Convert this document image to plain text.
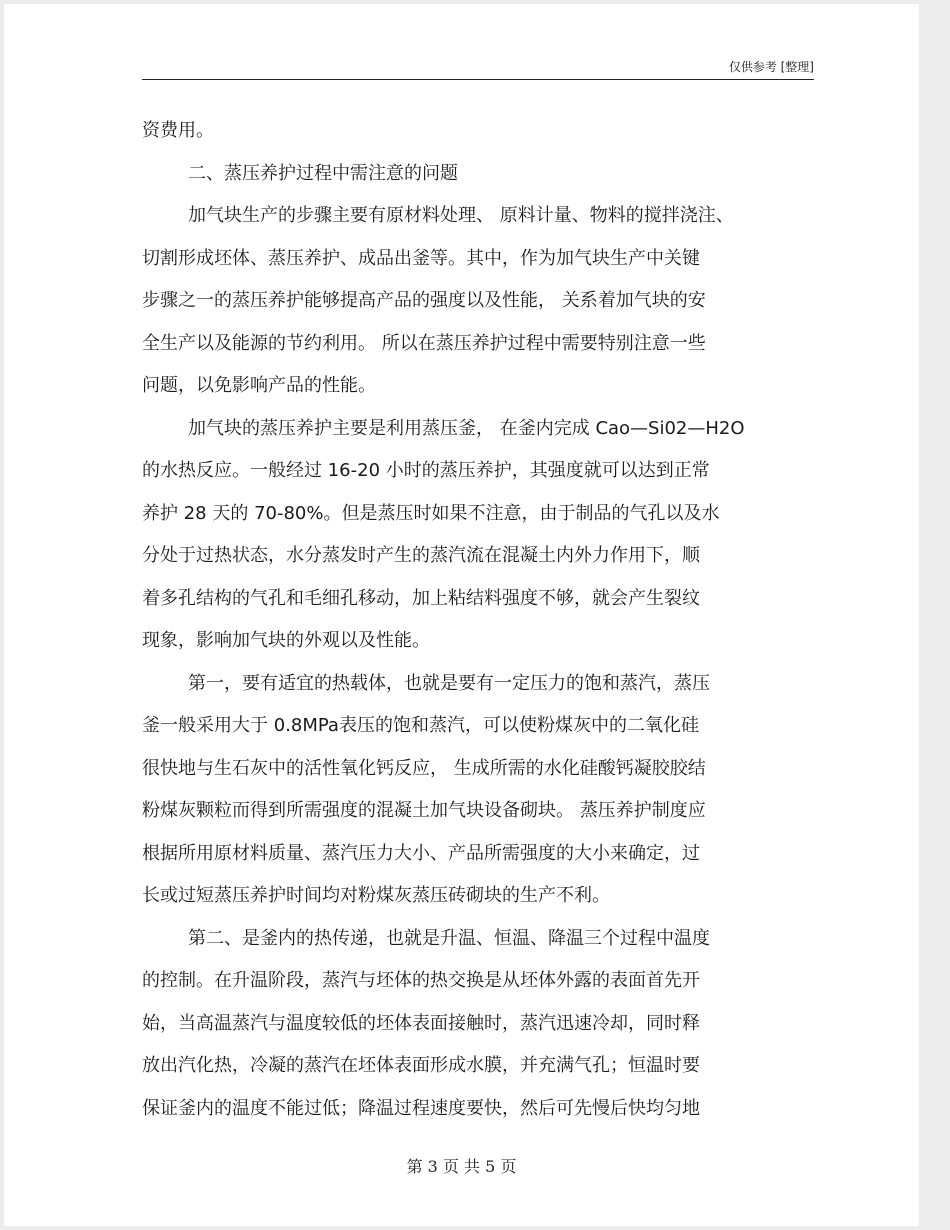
仅供参考 [整理]
资费用。
二、蒸压养护过程中需注意的问题
加气块生产的步骤主要有原材料处理、 原料计量、物料的搅拌浇注、
切割形成坯体、蒸压养护、成品出釜等。其中，作为加气块生产中关键
步骤之一的蒸压养护能够提高产品的强度以及性能， 关系着加气块的安
全生产以及能源的节约利用。 所以在蒸压养护过程中需要特别注意一些
问题，以免影响产品的性能。
加气块的蒸压养护主要是利用蒸压釜， 在釜内完成 Cao—Si02—H2O
的水热反应。一般经过 16-20 小时的蒸压养护，其强度就可以达到正常
养护 28 天的 70-80%。但是蒸压时如果不注意，由于制品的气孔以及水
分处于过热状态，水分蒸发时产生的蒸汽流在混凝土内外力作用下，顺
着多孔结构的气孔和毛细孔移动，加上粘结料强度不够，就会产生裂纹
现象，影响加气块的外观以及性能。
第一，要有适宜的热载体，也就是要有一定压力的饱和蒸汽，蒸压
釜一般采用大于 0.8MPa表压的饱和蒸汽，可以使粉煤灰中的二氧化硅
很快地与生石灰中的活性氧化钙反应， 生成所需的水化硅酸钙凝胶胶结
粉煤灰颗粒而得到所需强度的混凝土加气块设备砌块。 蒸压养护制度应
根据所用原材料质量、蒸汽压力大小、产品所需强度的大小来确定，过
长或过短蒸压养护时间均对粉煤灰蒸压砖砌块的生产不利。
第二、是釜内的热传递，也就是升温、恒温、降温三个过程中温度
的控制。在升温阶段，蒸汽与坯体的热交换是从坯体外露的表面首先开
始，当高温蒸汽与温度较低的坯体表面接触时，蒸汽迅速冷却，同时释
放出汽化热，冷凝的蒸汽在坯体表面形成水膜，并充满气孔；恒温时要
保证釜内的温度不能过低；降温过程速度要快，然后可先慢后快均匀地
第 3 页 共 5 页
